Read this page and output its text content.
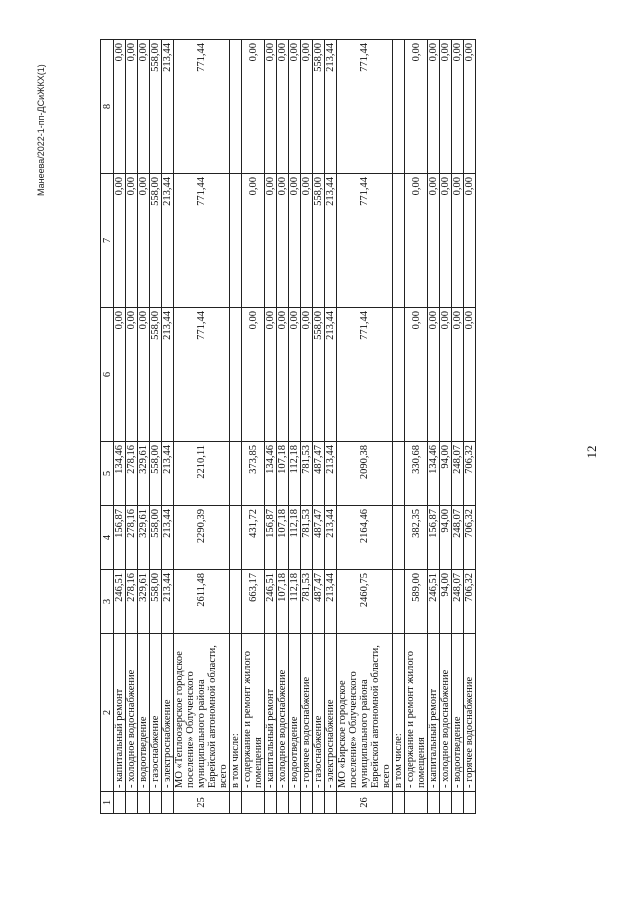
12
Манеева/2022-1-пп-ДСиЖКХ(1)
1	2	3	4	5	6	7	8
	- капитальный ремонт	246,51	156,87	134,46	0,00	0,00	0,00
	- холодное водоснабжение	278,16	278,16	278,16	0,00	0,00	0,00
	- водоотведение	329,61	329,61	329,61	0,00	0,00	0,00
	- газоснабжение	558,00	558,00	558,00	558,00	558,00	558,00
	- электроснабжение	213,44	213,44	213,44	213,44	213,44	213,44
25	МО «Теплоозерское городское поселение» Облученского муниципального района Еврейской автономной области, всего	2611,48	2290,39	2210,11	771,44	771,44	771,44
	в том числе:						
	- содержание и ремонт жилого помещения	663,17	431,72	373,85	0,00	0,00	0,00
	- капитальный ремонт	246,51	156,87	134,46	0,00	0,00	0,00
	- холодное водоснабжение	107,18	107,18	107,18	0,00	0,00	0,00
	- водоотведение	112,18	112,18	112,18	0,00	0,00	0,00
	- горячее водоснабжение	781,53	781,53	781,53	0,00	0,00	0,00
	- газоснабжение	487,47	487,47	487,47	558,00	558,00	558,00
	- электроснабжение	213,44	213,44	213,44	213,44	213,44	213,44
26	МО «Бирское городское поселение» Облученского муниципального района Еврейской автономной области, всего	2460,75	2164,46	2090,38	771,44	771,44	771,44
	в том числе:						
	- содержание и ремонт жилого помещения	589,00	382,35	330,68	0,00	0,00	0,00
	- капитальный ремонт	246,51	156,87	134,46	0,00	0,00	0,00
	- холодное водоснабжение	94,00	94,00	94,00	0,00	0,00	0,00
	- водоотведение	248,07	248,07	248,07	0,00	0,00	0,00
	- горячее водоснабжение	706,32	706,32	706,32	0,00	0,00	0,00
